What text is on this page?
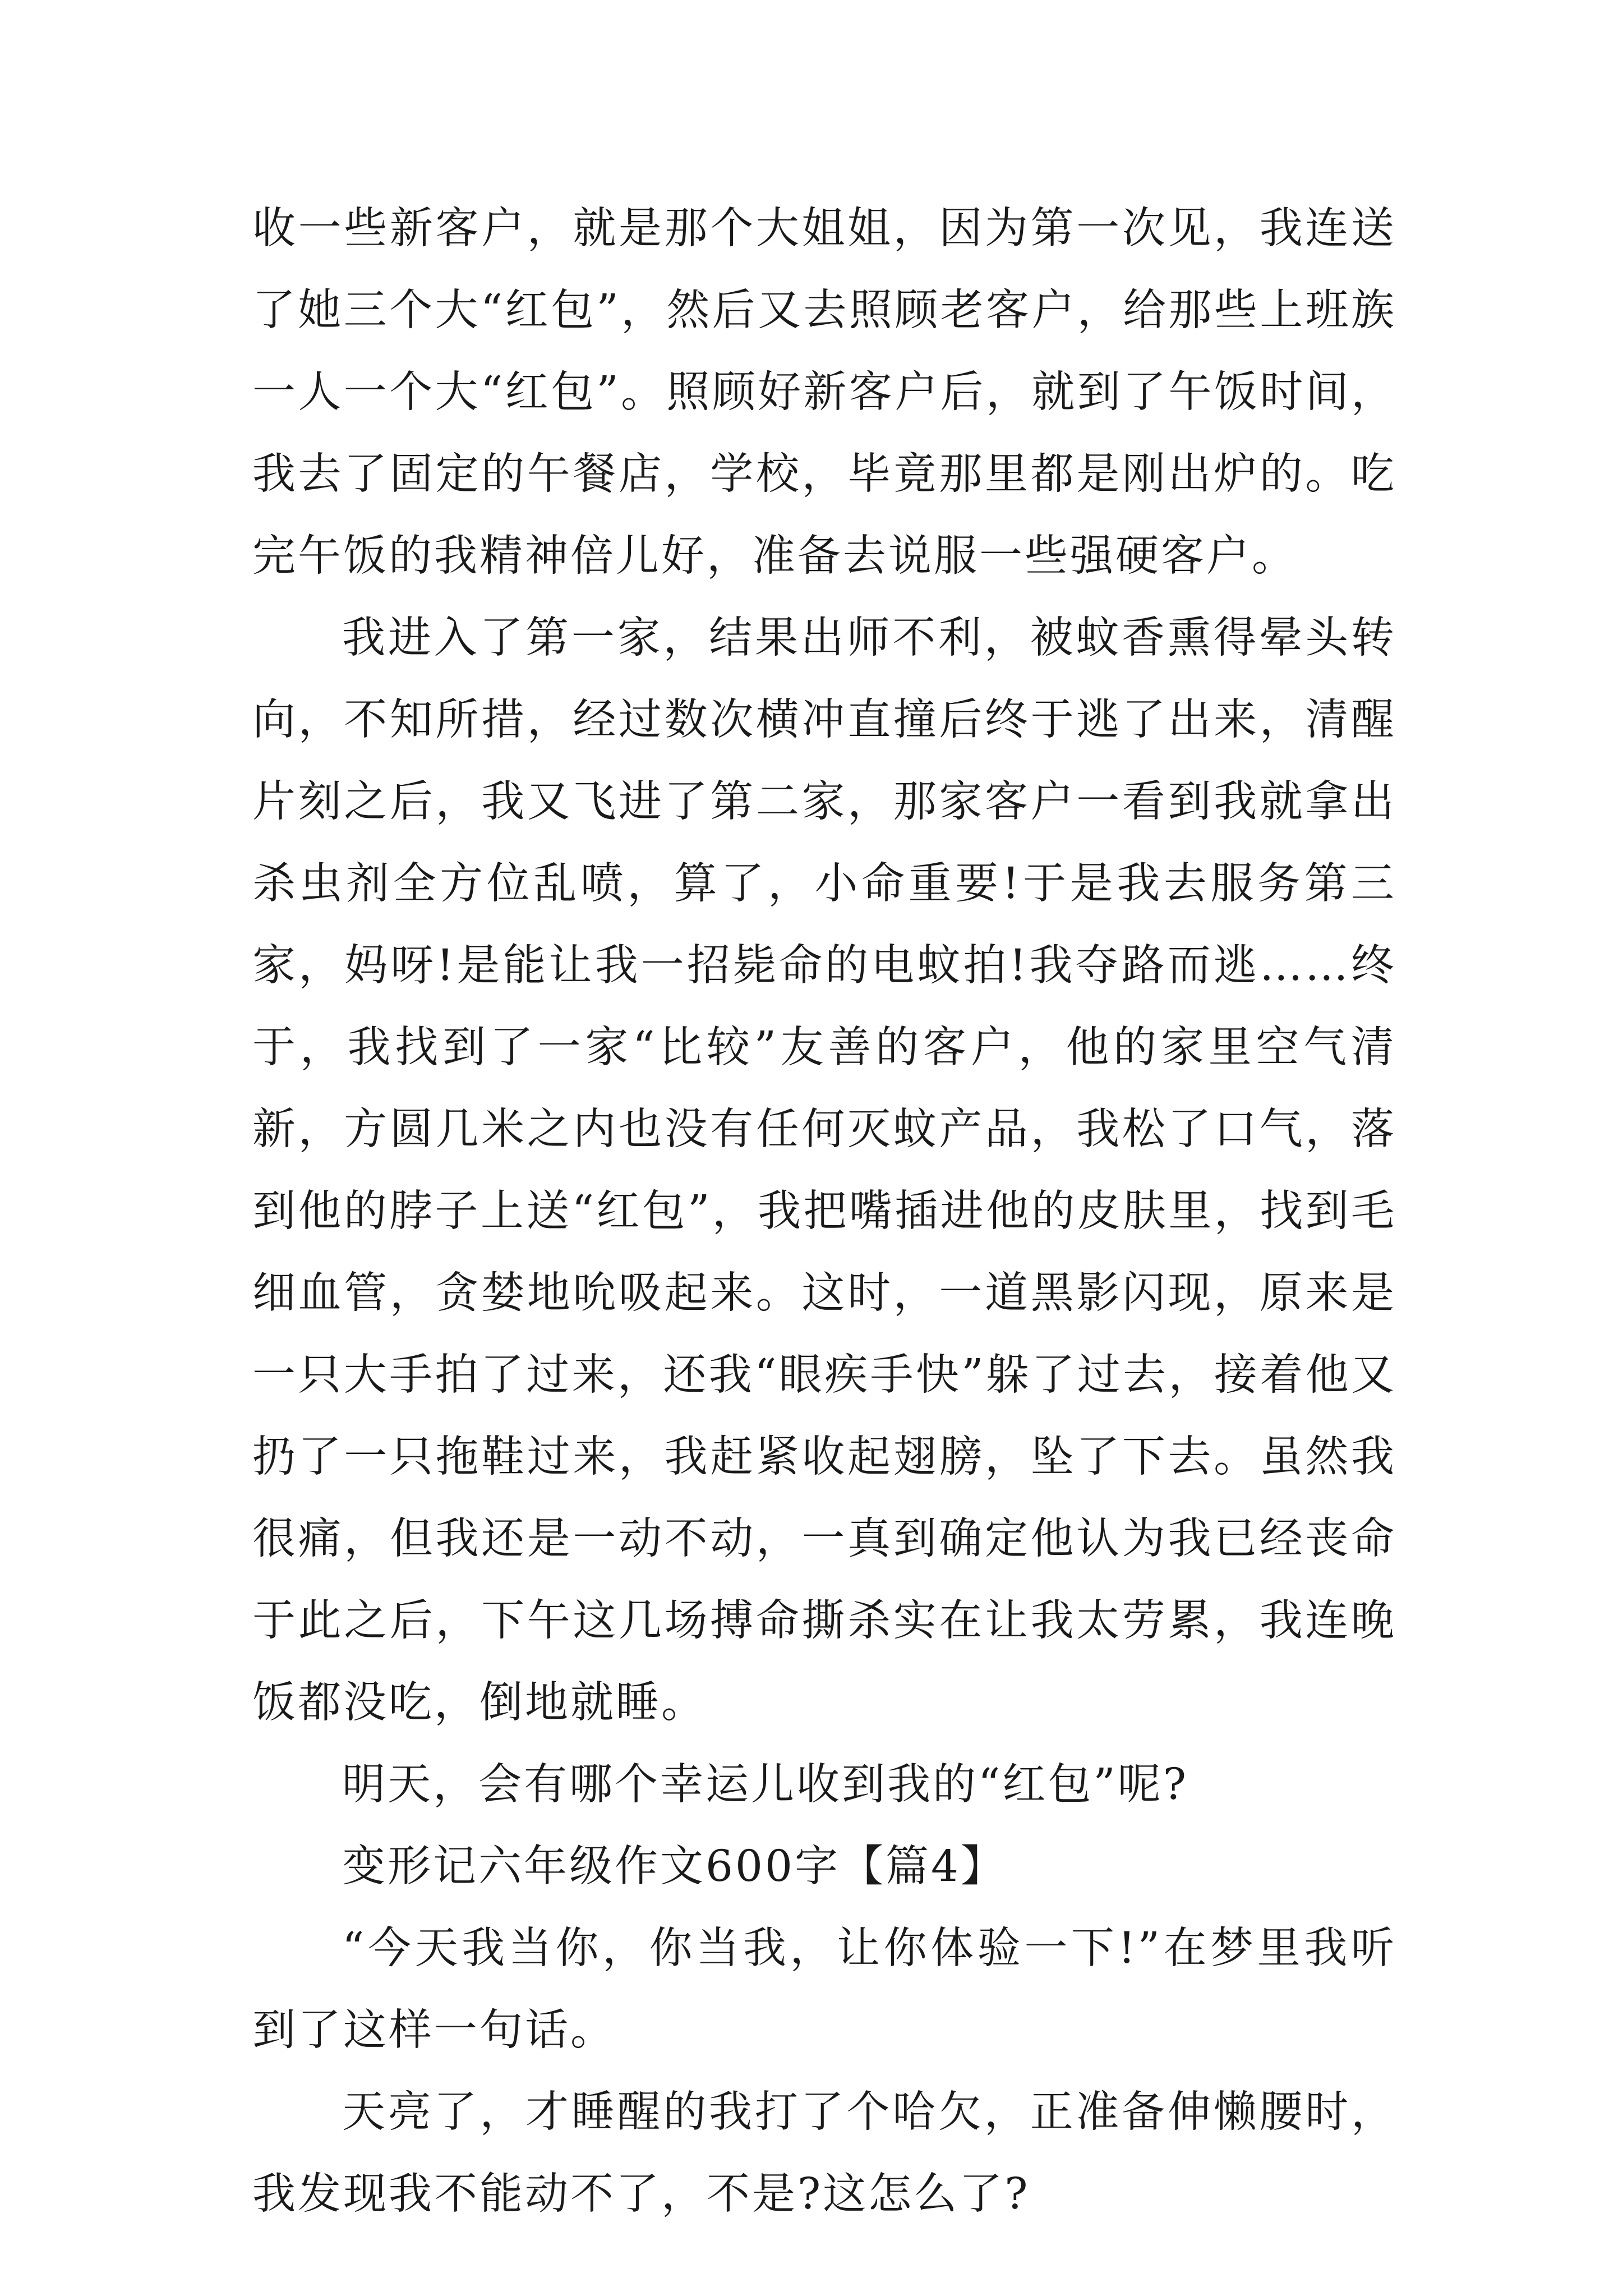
收一些新客户，就是那个大姐姐，因为第一次见，我连送了她三个大“红包”，然后又去照顾老客户，给那些上班族一人一个大“红包”。照顾好新客户后，就到了午饭时间，我去了固定的午餐店，学校，毕竟那里都是刚出炉的。吃完午饭的我精神倍儿好，准备去说服一些强硬客户。

我进入了第一家，结果出师不利，被蚊香熏得晕头转向，不知所措，经过数次横冲直撞后终于逃了出来，清醒片刻之后，我又飞进了第二家，那家客户一看到我就拿出杀虫剂全方位乱喷，算了，小命重要!于是我去服务第三家，妈呀!是能让我一招毙命的电蚊拍!我夺路而逃……终于，我找到了一家“比较”友善的客户，他的家里空气清新，方圆几米之内也没有任何灭蚊产品，我松了口气，落到他的脖子上送“红包”，我把嘴插进他的皮肤里，找到毛细血管，贪婪地吮吸起来。这时，一道黑影闪现，原来是一只大手拍了过来，还我“眼疾手快”躲了过去，接着他又扔了一只拖鞋过来，我赶紧收起翅膀，坠了下去。虽然我很痛，但我还是一动不动，一真到确定他认为我已经丧命于此之后，下午这几场搏命撕杀实在让我太劳累，我连晚饭都没吃，倒地就睡。

明天，会有哪个幸运儿收到我的“红包”呢?

变形记六年级作文600字【篇4】

“今天我当你，你当我，让你体验一下!”在梦里我听到了这样一句话。

天亮了，才睡醒的我打了个哈欠，正准备伸懒腰时，我发现我不能动不了，不是?这怎么了?
